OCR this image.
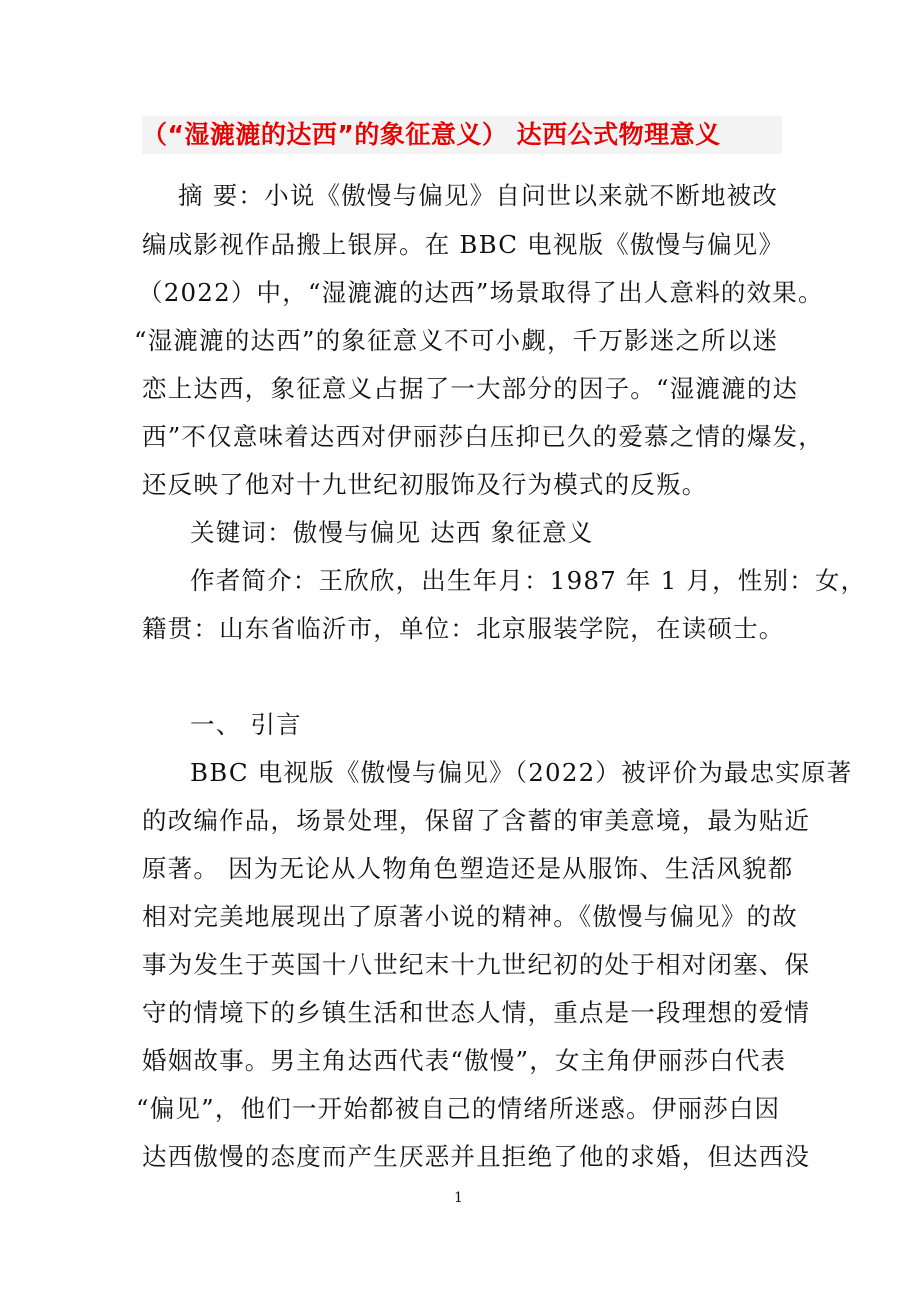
（“湿漉漉的达西”的象征意义） 达西公式物理意义
摘 要：小说《傲慢与偏见》自问世以来就不断地被改
编成影视作品搬上银屏。在 BBC 电视版《傲慢与偏见》
（2022）中，“湿漉漉的达西”场景取得了出人意料的效果。
“湿漉漉的达西”的象征意义不可小觑，千万影迷之所以迷
恋上达西，象征意义占据了一大部分的因子。“湿漉漉的达
西”不仅意味着达西对伊丽莎白压抑已久的爱慕之情的爆发，
还反映了他对十九世纪初服饰及行为模式的反叛。
关键词：傲慢与偏见 达西 象征意义
作者简介：王欣欣，出生年月：1987 年 1 月，性别：女，
籍贯：山东省临沂市，单位：北京服装学院，在读硕士。
一、 引言
BBC 电视版《傲慢与偏见》（2022）被评价为最忠实原著
的改编作品，场景处理，保留了含蓄的审美意境，最为贴近
原著。 因为无论从人物角色塑造还是从服饰、生活风貌都
相对完美地展现出了原著小说的精神。《傲慢与偏见》的故
事为发生于英国十八世纪末十九世纪初的处于相对闭塞、保
守的情境下的乡镇生活和世态人情，重点是一段理想的爱情
婚姻故事。男主角达西代表“傲慢”，女主角伊丽莎白代表
“偏见”，他们一开始都被自己的情绪所迷惑。伊丽莎白因
达西傲慢的态度而产生厌恶并且拒绝了他的求婚，但达西没
1
